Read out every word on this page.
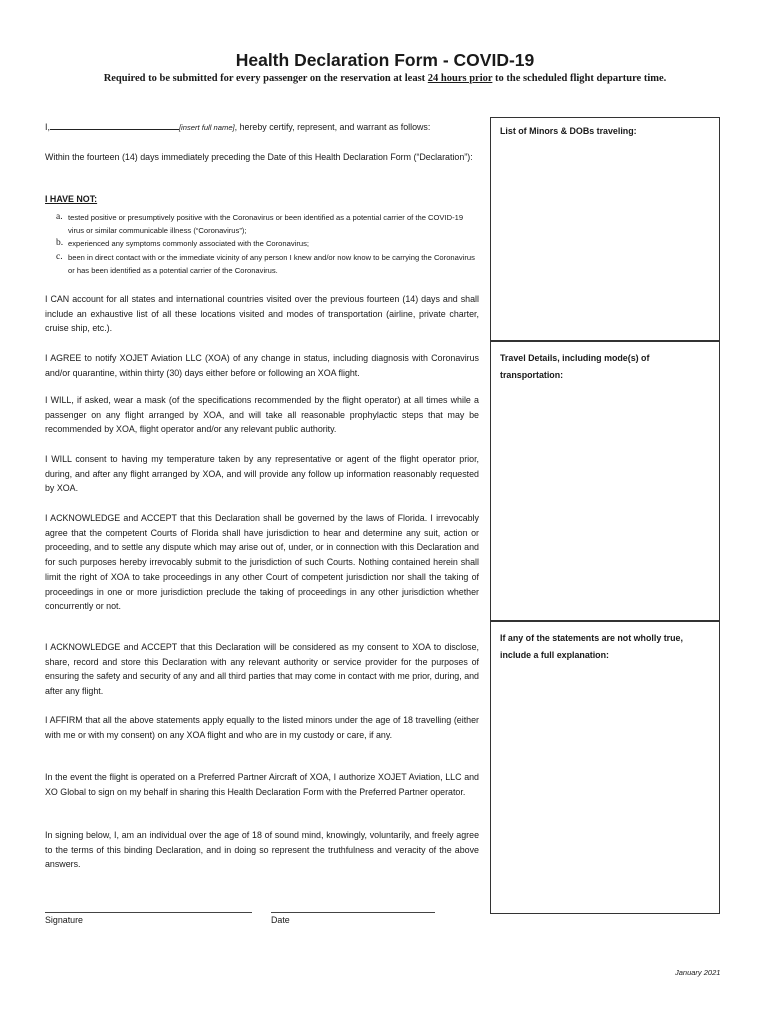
Health Declaration Form - COVID-19

Required to be submitted for every passenger on the reservation at least 24 hours prior to the scheduled flight departure time.

I,	[insert full name], hereby certify, represent, and warrant as follows:

Within the fourteen (14) days immediately preceding the Date of this Health Declaration Form (“Declaration”):

I HAVE NOT:

a. tested positive or presumptively positive with the Coronavirus or been identified as a potential carrier of the COVID-19 virus or similar communicable illness (“Coronavirus”);
b. experienced any symptoms commonly associated with the Coronavirus;
c. been in direct contact with or the immediate vicinity of any person I knew and/or now know to be carrying the Coronavirus or has been identified as a potential carrier of the Coronavirus.

I CAN account for all states and international countries visited over the previous fourteen (14) days and shall include an exhaustive list of all these locations visited and modes of transportation (airline, private charter, cruise ship, etc.).

I AGREE to notify XOJET Aviation LLC (XOA) of any change in status, including diagnosis with Coronavirus and/or quarantine, within thirty (30) days either before or following an XOA flight.

I WILL, if asked, wear a mask (of the specifications recommended by the flight operator) at all times while a passenger on any flight arranged by XOA, and will take all reasonable prophylactic steps that may be recommended by XOA, flight operator and/or any relevant public authority.

I WILL consent to having my temperature taken by any representative or agent of the flight operator prior, during, and after any flight arranged by XOA, and will provide any follow up information reasonably requested by XOA.

I ACKNOWLEDGE and ACCEPT that this Declaration shall be governed by the laws of Florida. I irrevocably agree that the competent Courts of Florida shall have jurisdiction to hear and determine any suit, action or proceeding, and to settle any dispute which may arise out of, under, or in connection with this Declaration and for such purposes hereby irrevocably submit to the jurisdiction of such Courts. Nothing contained herein shall limit the right of XOA to take proceedings in any other Court of competent jurisdiction nor shall the taking of proceedings in one or more jurisdiction preclude the taking of proceedings in any other jurisdiction whether concurrently or not.

I ACKNOWLEDGE and ACCEPT that this Declaration will be considered as my consent to XOA to disclose, share, record and store this Declaration with any relevant authority or service provider for the purposes of ensuring the safety and security of any and all third parties that may come in contact with me prior, during, and after any flight.

I AFFIRM that all the above statements apply equally to the listed minors under the age of 18 travelling (either with me or with my consent) on any XOA flight and who are in my custody or care, if any.

In the event the flight is operated on a Preferred Partner Aircraft of XOA, I authorize XOJET Aviation, LLC and XO Global to sign on my behalf in sharing this Health Declaration Form with the Preferred Partner operator.

In signing below, I, am an individual over the age of 18 of sound mind, knowingly, voluntarily, and freely agree to the terms of this binding Declaration, and in doing so represent the truthfulness and veracity of the above answers.

List of Minors & DOBs traveling:

Travel Details, including mode(s) of transportation:

If any of the statements are not wholly true, include a full explanation:

Signature	Date

January 2021
